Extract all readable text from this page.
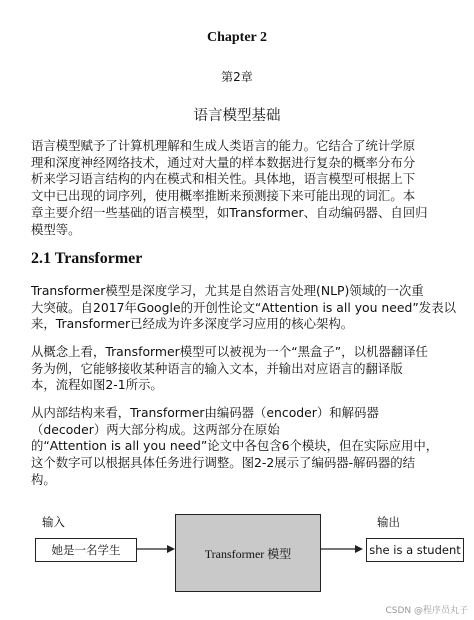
Chapter 2
第2章
语言模型基础
语言模型赋予了计算机理解和生成人类语言的能力。它结合了统计学原
理和深度神经网络技术，通过对大量的样本数据进行复杂的概率分布分
析来学习语言结构的内在模式和相关性。具体地，语言模型可根据上下
文中已出现的词序列，使用概率推断来预测接下来可能出现的词汇。本
章主要介绍一些基础的语言模型，如Transformer、自动编码器、自回归
模型等。
2.1 Transformer
Transformer模型是深度学习，尤其是自然语言处理(NLP)领域的一次重
大突破。自2017年Google的开创性论文“Attention is all you need”发表以
来，Transformer已经成为许多深度学习应用的核心架构。
从概念上看，Transformer模型可以被视为一个“黑盒子”，以机器翻译任
务为例，它能够接收某种语言的输入文本，并输出对应语言的翻译版
本，流程如图2-1所示。
从内部结构来看，Transformer由编码器（encoder）和解码器
（decoder）两大部分构成。这两部分在原始
的“Attention is all you need”论文中各包含6个模块，但在实际应用中，
这个数字可以根据具体任务进行调整。图2-2展示了编码器-解码器的结
构。
输入
她是一名学生	Transformer 模型
输出
she is a student
CSDN @程序员丸子
